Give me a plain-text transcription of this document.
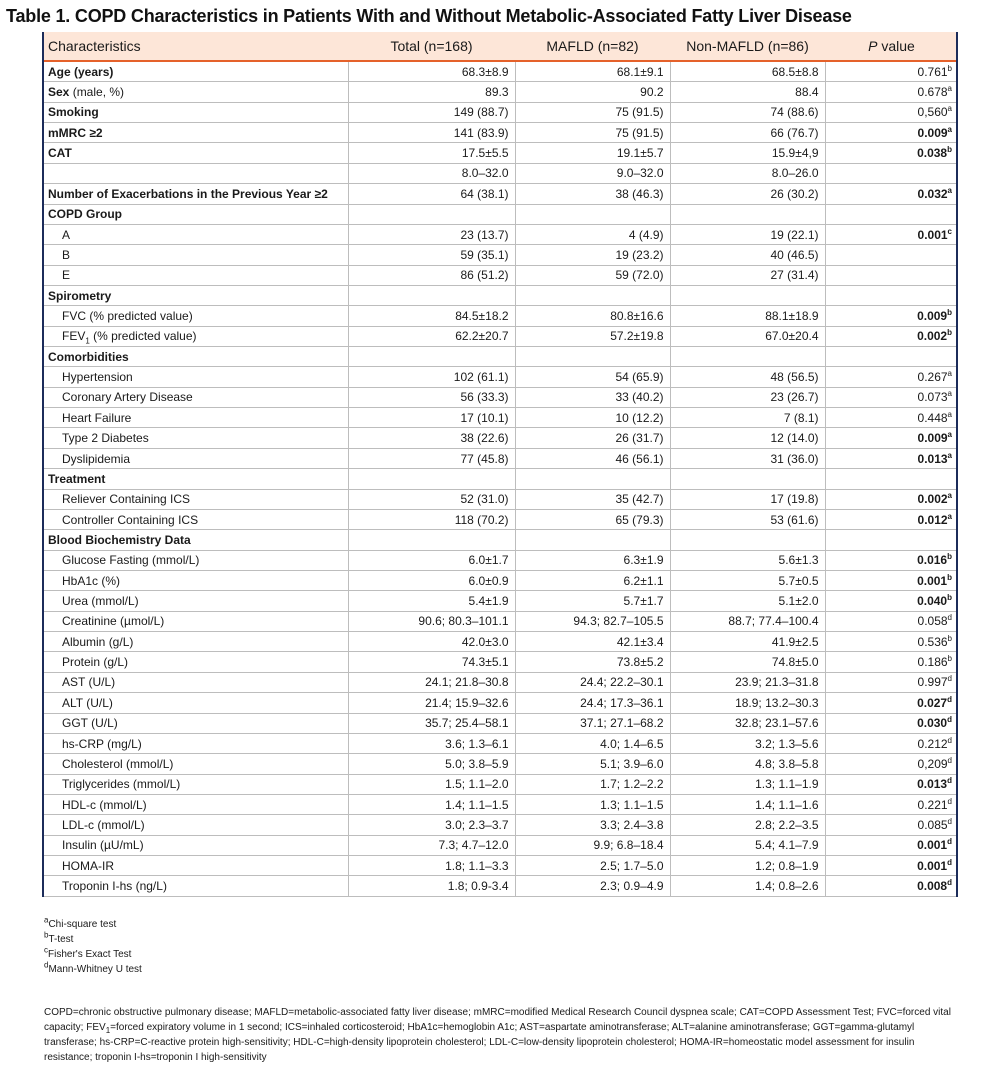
Table 1. COPD Characteristics in Patients With and Without Metabolic-Associated Fatty Liver Disease
Characteristics	Total (n=168)	MAFLD (n=82)	Non-MAFLD (n=86)	P value
Age (years)	68.3±8.9	68.1±9.1	68.5±8.8	0.761$^b$
Sex (male, %)	89.3	90.2	88.4	0.678$^a$
Smoking	149 (88.7)	75 (91.5)	74 (88.6)	0,560$^a$
mMRC ≥2	141 (83.9)	75 (91.5)	66 (76.7)	0.009$^a$
CAT	17.5±5.5	19.1±5.7	15.9±4,9	0.038$^b$
	8.0–32.0	9.0–32.0	8.0–26.0	
Number of Exacerbations in the Previous Year ≥2	64 (38.1)	38 (46.3)	26 (30.2)	0.032$^a$
COPD Group				
A	23 (13.7)	4 (4.9)	19 (22.1)	0.001$^c$
B	59 (35.1)	19 (23.2)	40 (46.5)	
E	86 (51.2)	59 (72.0)	27 (31.4)	
Spirometry				
FVC (% predicted value)	84.5±18.2	80.8±16.6	88.1±18.9	0.009$^b$
$FEV_1$ (% predicted value)	62.2±20.7	57.2±19.8	67.0±20.4	0.002$^b$
Comorbidities				
Hypertension	102 (61.1)	54 (65.9)	48 (56.5)	0.267$^a$
Coronary Artery Disease	56 (33.3)	33 (40.2)	23 (26.7)	0.073$^a$
Heart Failure	17 (10.1)	10 (12.2)	7 (8.1)	0.448$^a$
Type 2 Diabetes	38 (22.6)	26 (31.7)	12 (14.0)	0.009$^a$
Dyslipidemia	77 (45.8)	46 (56.1)	31 (36.0)	0.013$^a$
Treatment				
Reliever Containing ICS	52 (31.0)	35 (42.7)	17 (19.8)	0.002$^a$
Controller Containing ICS	118 (70.2)	65 (79.3)	53 (61.6)	0.012$^a$
Blood Biochemistry Data				
Glucose Fasting (mmol/L)	6.0±1.7	6.3±1.9	5.6±1.3	0.016$^b$
HbA1c (%)	6.0±0.9	6.2±1.1	5.7±0.5	0.001$^b$
Urea (mmol/L)	5.4±1.9	5.7±1.7	5.1±2.0	0.040$^b$
Creatinine (µmol/L)	90.6; 80.3–101.1	94.3; 82.7–105.5	88.7; 77.4–100.4	0.058$^d$
Albumin (g/L)	42.0±3.0	42.1±3.4	41.9±2.5	0.536$^b$
Protein (g/L)	74.3±5.1	73.8±5.2	74.8±5.0	0.186$^b$
AST (U/L)	24.1; 21.8–30.8	24.4; 22.2–30.1	23.9; 21.3–31.8	0.997$^d$
ALT (U/L)	21.4; 15.9–32.6	24.4; 17.3–36.1	18.9; 13.2–30.3	0.027$^d$
GGT (U/L)	35.7; 25.4–58.1	37.1; 27.1–68.2	32.8; 23.1–57.6	0.030$^d$
hs-CRP (mg/L)	3.6; 1.3–6.1	4.0; 1.4–6.5	3.2; 1.3–5.6	0.212$^d$
Cholesterol (mmol/L)	5.0; 3.8–5.9	5.1; 3.9–6.0	4.8; 3.8–5.8	0,209$^d$
Triglycerides (mmol/L)	1.5; 1.1–2.0	1.7; 1.2–2.2	1.3; 1.1–1.9	0.013$^d$
HDL-c (mmol/L)	1.4; 1.1–1.5	1.3; 1.1–1.5	1.4; 1.1–1.6	0.221$^d$
LDL-c (mmol/L)	3.0; 2.3–3.7	3.3; 2.4–3.8	2.8; 2.2–3.5	0.085$^d$
Insulin (µU/mL)	7.3; 4.7–12.0	9.9; 6.8–18.4	5.4; 4.1–7.9	0.001$^d$
HOMA-IR	1.8; 1.1–3.3	2.5; 1.7–5.0	1.2; 0.8–1.9	0.001$^d$
Troponin I-hs (ng/L)	1.8; 0.9-3.4	2.3; 0.9–4.9	1.4; 0.8–2.6	0.008$^d$
$^a$Chi-square test
$^b$T-test
$^c$Fisher's Exact Test
$^d$Mann-Whitney U test
COPD=chronic obstructive pulmonary disease; MAFLD=metabolic-associated fatty liver disease; mMRC=modified Medical Research Council dyspnea scale; CAT=COPD Assessment Test; FVC=forced vital capacity; $FEV_1=forced$ expiratory volume in 1 second; ICS=inhaled corticosteroid; HbA1c=hemoglobin A1c; AST=aspartate aminotransferase; ALT=alanine aminotransferase; GGT=gamma-glutamyl transferase; hs-CRP=C-reactive protein high-sensitivity; HDL-C=high-density lipoprotein cholesterol; LDL-C=low-density lipoprotein cholesterol; HOMA-IR=homeostatic model assessment for insulin resistance; troponin I-hs=troponin I high-sensitivity
